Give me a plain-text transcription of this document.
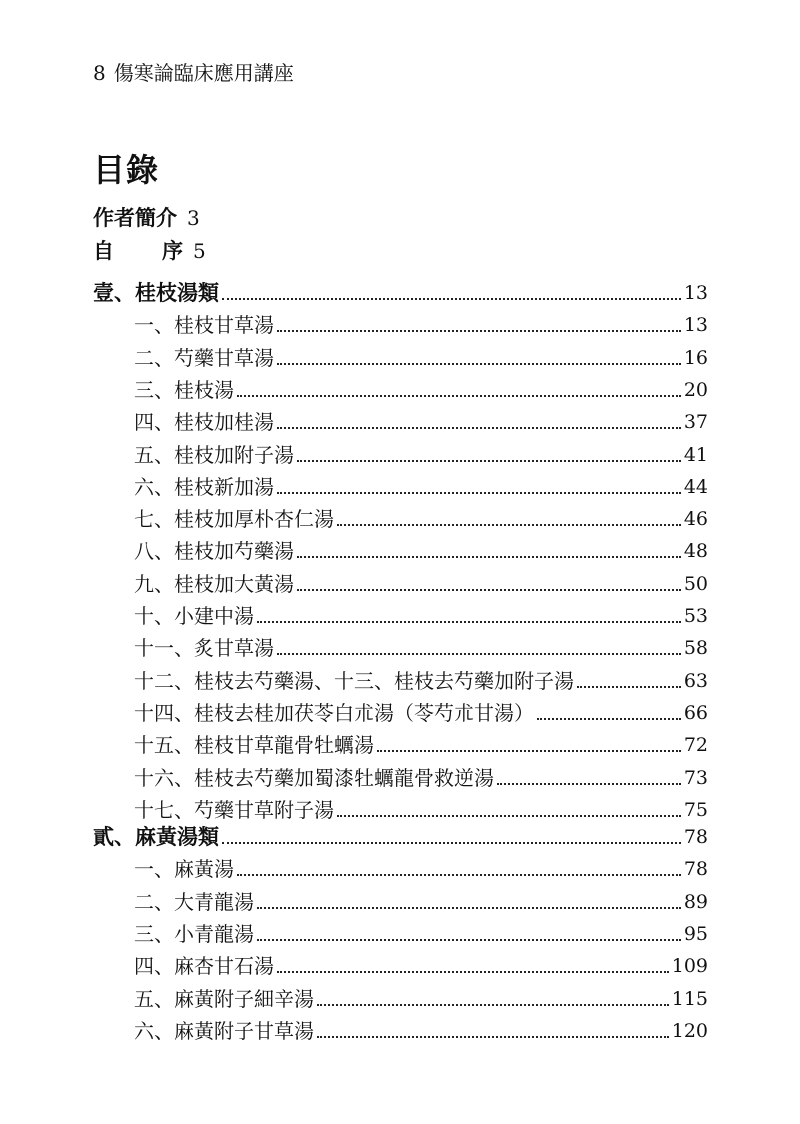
8 傷寒論臨床應用講座
目錄
作者簡介 3
自 序 5
壹、桂枝湯類	13
一、桂枝甘草湯	13
二、芍藥甘草湯	16
三、桂枝湯	20
四、桂枝加桂湯	37
五、桂枝加附子湯	41
六、桂枝新加湯	44
七、桂枝加厚朴杏仁湯	46
八、桂枝加芍藥湯	48
九、桂枝加大黃湯	50
十、小建中湯	53
十一、炙甘草湯	58
十二、桂枝去芍藥湯、十三、桂枝去芍藥加附子湯	63
十四、桂枝去桂加茯苓白朮湯（苓芍朮甘湯）	66
十五、桂枝甘草龍骨牡蠣湯	72
十六、桂枝去芍藥加蜀漆牡蠣龍骨救逆湯	73
十七、芍藥甘草附子湯	75
貳、麻黃湯類	78
一、麻黃湯	78
二、大青龍湯	89
三、小青龍湯	95
四、麻杏甘石湯	109
五、麻黃附子細辛湯	115
六、麻黃附子甘草湯	120
